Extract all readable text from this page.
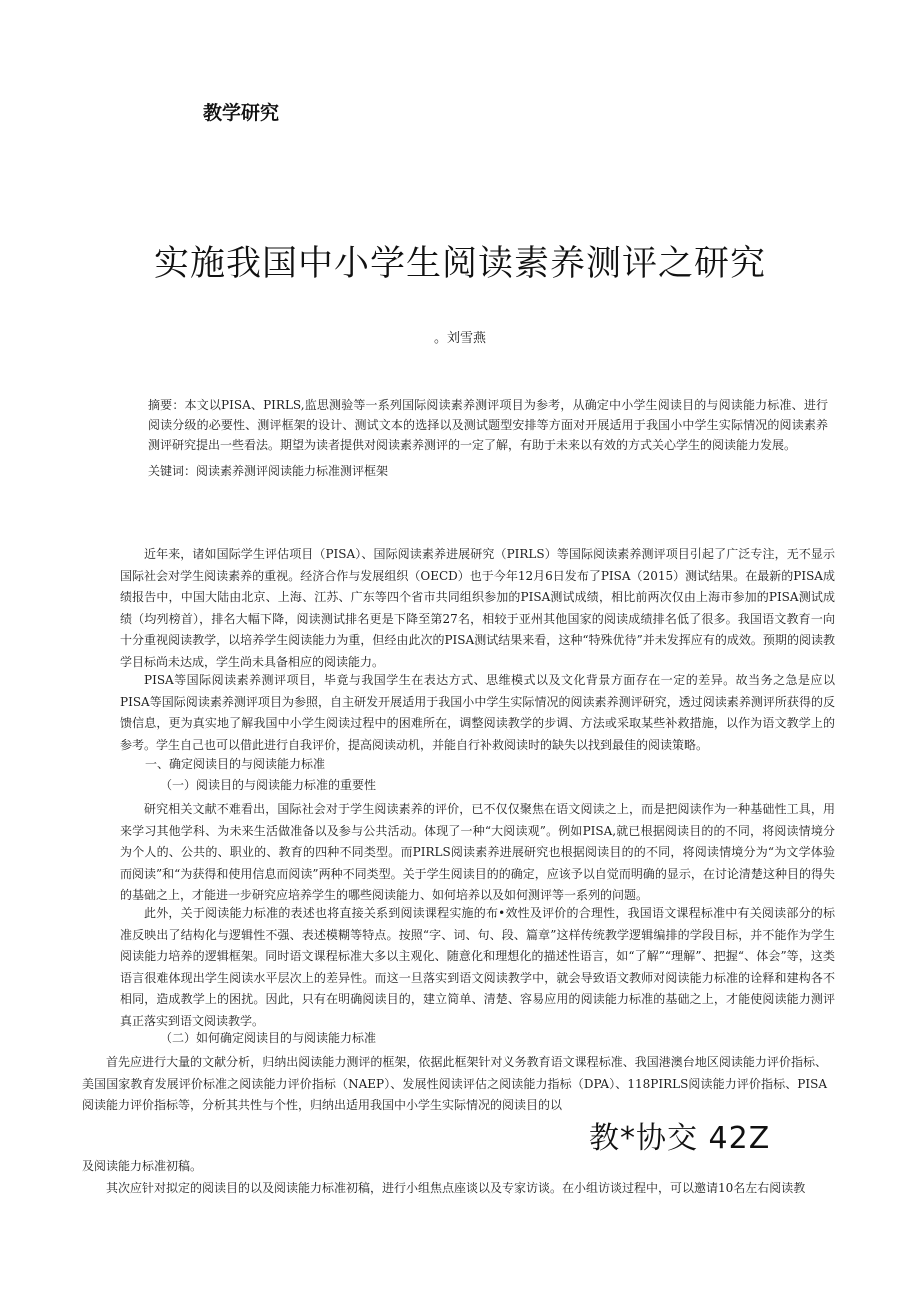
教学研究
实施我国中小学生阅读素养测评之研究
。刘雪燕
摘要：本文以PISA、PIRLS,监思测验等一系列国际阅读素养测评项目为参考，从确定中小学生阅读目的与阅读能力标准、进行阅读分级的必要性、测评框架的设计、测试文本的选择以及测试题型安排等方面对开展适用于我国小中学生实际情况的阅读素养测评研究提出一些看法。期望为读者提供对阅读素养测评的一定了解，有助于未来以有效的方式关心学生的阅读能力发展。
关键词：阅读素养测评阅读能力标准测评框架

近年来，诸如国际学生评估项目（PISA）、国际阅读素养进展研究（PIRLS）等国际阅读素养测评项目引起了广泛专注，无不显示国际社会对学生阅读素养的重视。经济合作与发展组织（OECD）也于今年12月6日发布了PISA（2015）测试结果。在最新的PISA成绩报告中，中国大陆由北京、上海、江苏、广东等四个省市共同组织参加的PISA测试成绩，相比前两次仅由上海市参加的PISA测试成绩（均列榜首），排名大幅下降，阅读测试排名更是下降至第27名，相较于亚州其他国家的阅读成绩排名低了很多。我国语文教育一向十分重视阅读教学，以培养学生阅读能力为重，但经由此次的PISA测试结果来看，这种“特殊优待”并未发挥应有的成效。预期的阅读教学目标尚未达成，学生尚未具备相应的阅读能力。

PISA等国际阅读素养测评项目，毕竟与我国学生在表达方式、思维模式以及文化背景方面存在一定的差异。故当务之急是应以PISA等国际阅读素养测评项目为参照，自主研发开展适用于我国小中学生实际情况的阅读素养测评研究，透过阅读素养测评所获得的反馈信息，更为真实地了解我国中小学生阅读过程中的困难所在，调整阅读教学的步调、方法或采取某些补救措施，以作为语文教学上的参考。学生自己也可以借此进行自我评价，提高阅读动机，并能自行补救阅读时的缺失以找到最佳的阅读策略。

一、确定阅读目的与阅读能力标准
（一）阅读目的与阅读能力标准的重要性

研究相关文献不难看出，国际社会对于学生阅读素养的评价，已不仅仅聚焦在语文阅读之上，而是把阅读作为一种基础性工具，用来学习其他学科、为未来生活做准备以及参与公共活动。体现了一种“大阅读观”。例如PISA,就已根据阅读目的的不同，将阅读情境分为个人的、公共的、职业的、教育的四种不同类型。而PIRLS阅读素养进展研究也根据阅读目的的不同，将阅读情境分为“为文学体验而阅读”和“为获得和使用信息而阅读”两种不同类型。关于学生阅读目的的确定，应该予以自觉而明确的显示，在讨论清楚这种目的得失的基础之上，才能进一步研究应培养学生的哪些阅读能力、如何培养以及如何测评等一系列的问题。

此外，关于阅读能力标准的表述也将直接关系到阅读课程实施的布•效性及评价的合理性，我国语文课程标准中有关阅读部分的标准反映出了结构化与逻辑性不强、表述模糊等特点。按照“字、词、句、段、篇章”这样传统教学逻辑编排的学段目标，并不能作为学生阅读能力培养的逻辑框架。同时语文课程标准大多以主观化、随意化和理想化的描述性语言，如“了解”“理解”、把握“、体会”等，这类语言很难体现出学生阅读水平层次上的差异性。而这一旦落实到语文阅读教学中，就会导致语文教师对阅读能力标准的诠释和建构各不相同，造成教学上的困扰。因此，只有在明确阅读目的，建立简单、清楚、容易应用的阅读能力标准的基础之上，才能使阅读能力测评真正落实到语文阅读教学。

（二）如何确定阅读目的与阅读能力标准

首先应进行大量的文献分析，归纳出阅读能力测评的框架，依据此框架针对义务教育语文课程标准、我国港澳台地区阅读能力评价指标、美国国家教育发展评价标准之阅读能力评价指标（NAEP）、发展性阅读评估之阅读能力指标（DPA）、118PIRLS阅读能力评价指标、PISA阅读能力评价指标等，分析其共性与个性，归纳出适用我国中小学生实际情况的阅读目的以

教*协交 42Z

及阅读能力标准初稿。

其次应针对拟定的阅读目的以及阅读能力标准初稿，进行小组焦点座谈以及专家访谈。在小组访谈过程中，可以邀请10名左右阅读教
